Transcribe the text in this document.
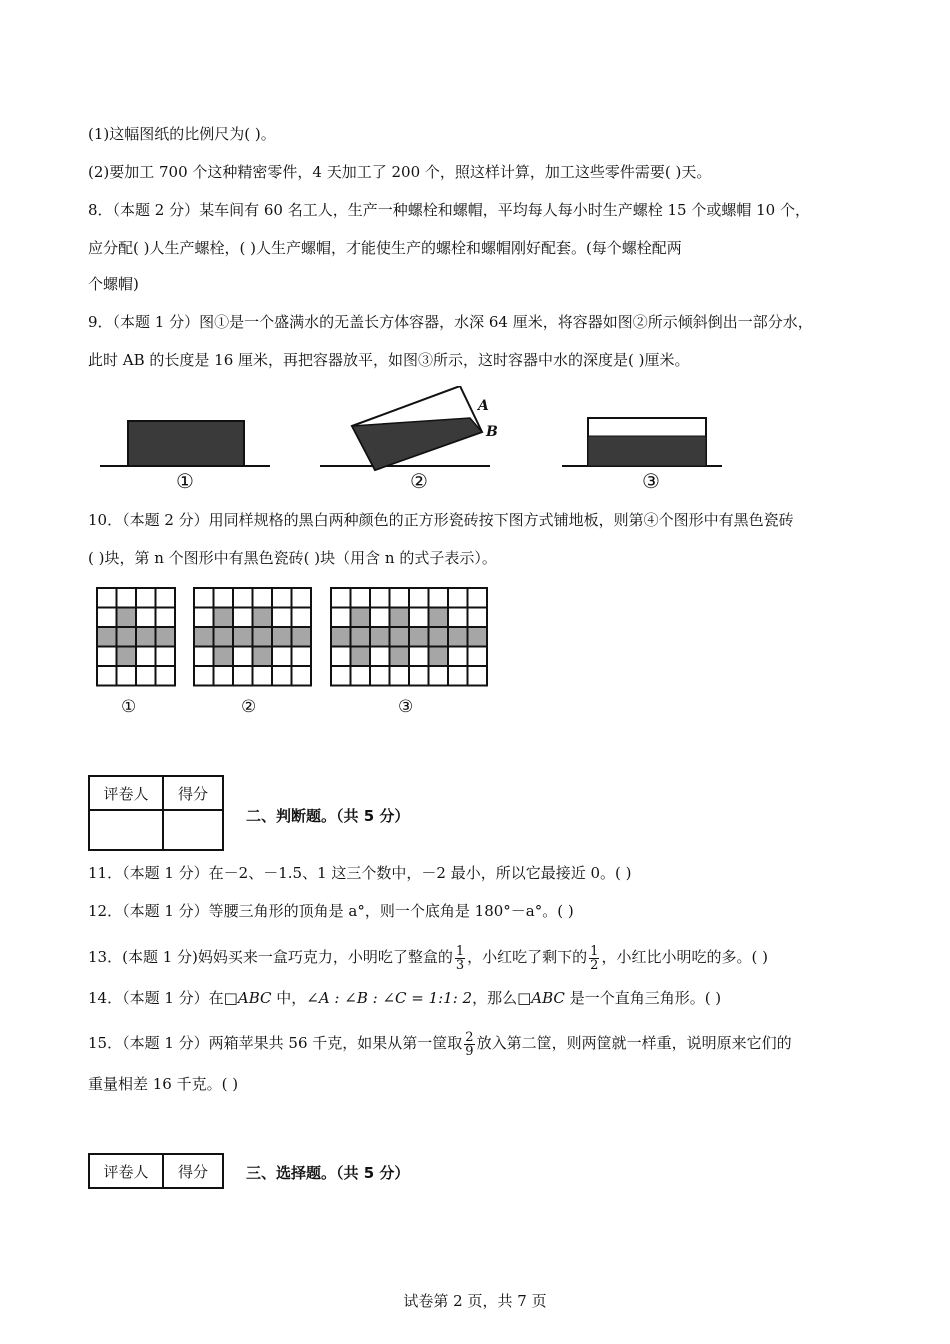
(1)这幅图纸的比例尺为( )。
(2)要加工 700 个这种精密零件，4 天加工了 200 个，照这样计算，加工这些零件需要( )天。
8．（本题 2 分）某车间有 60 名工人，生产一种螺栓和螺帽，平均每人每小时生产螺栓 15 个或螺帽 10 个，
应分配( )人生产螺栓，( )人生产螺帽，才能使生产的螺栓和螺帽刚好配套。(每个螺栓配两
个螺帽)
9．（本题 1 分）图①是一个盛满水的无盖长方体容器，水深 64 厘米，将容器如图②所示倾斜倒出一部分水，
此时 AB 的长度是 16 厘米，再把容器放平，如图③所示，这时容器中水的深度是( )厘米。
A
B
①	②	③
10．（本题 2 分）用同样规格的黑白两种颜色的正方形瓷砖按下图方式铺地板，则第④个图形中有黑色瓷砖
( )块，第 n 个图形中有黑色瓷砖( )块（用含 n 的式子表示）。
①	②	③
评卷人	得分

二、判断题。（共 5 分）
11．（本题 1 分）在－2、－1.5、1 这三个数中，－2 最小，所以它最接近 0。( )
12．（本题 1 分）等腰三角形的顶角是 a°，则一个底角是 180°－a°。( )
13．(本题 1 分)妈妈买来一盒巧克力，小明吃了整盒的 $\frac{1}{3}$ ，小红吃了剩下的 $\frac{1}{2}$ ，小红比小明吃的多。( )
14．（本题 1 分）在□ABC 中，∠A : ∠B : ∠C = 1:1: 2，那么□ABC 是一个直角三角形。( )
15．（本题 1 分）两箱苹果共 56 千克，如果从第一筐取 $\frac{2}{9}$ 放入第二筐，则两筐就一样重，说明原来它们的
重量相差 16 千克。( )
评卷人	得分	三、选择题。（共 5 分）
试卷第 2 页，共 7 页
